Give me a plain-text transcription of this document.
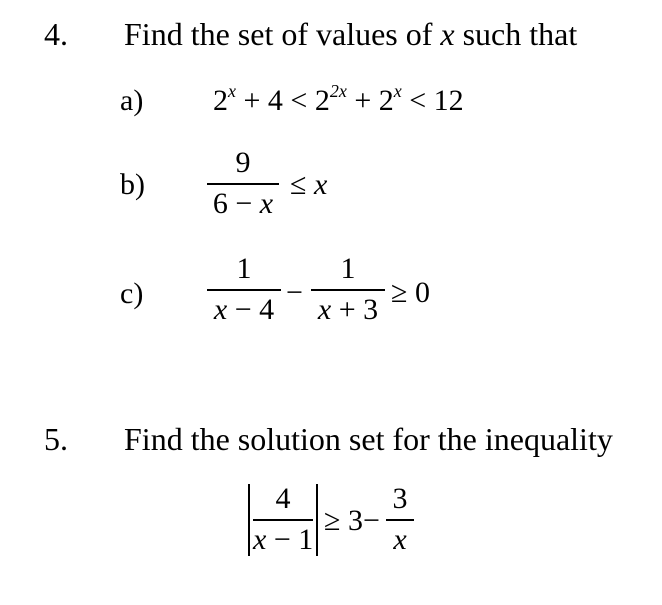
4. Find the set of values of x such that
a) $2^x + 4 < 2^{2x} + 2^x < 12$
b)
9
6 − x
≤ x
c)
1
x − 4
−
1
x + 3
≥ 0
5. Find the solution set for the inequality
4
x − 1
≥ 3−
3
x
